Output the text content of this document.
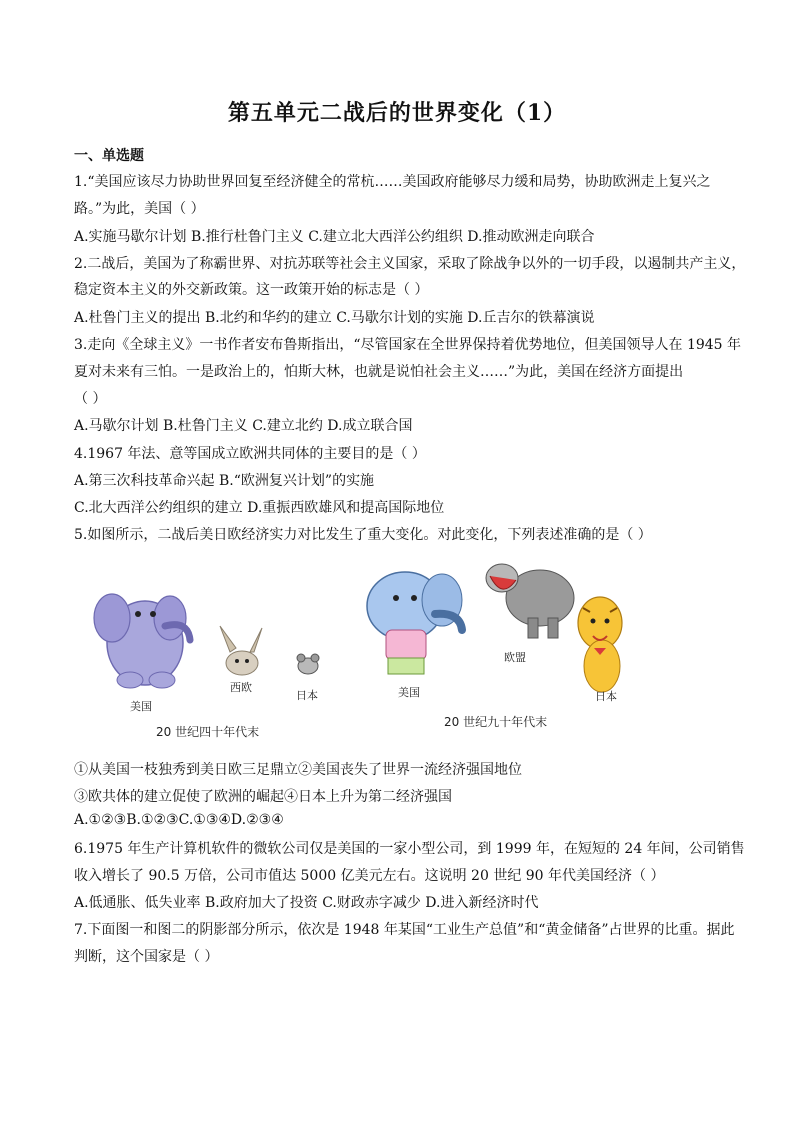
第五单元二战后的世界变化（1）
一、单选题
1.“美国应该尽力协助世界回复至经济健全的常杭……美国政府能够尽力缓和局势，协助欧洲走上复兴之
路。”为此，美国（ ）
A.实施马歇尔计划 B.推行杜鲁门主义 C.建立北大西洋公约组织 D.推动欧洲走向联合
2.二战后，美国为了称霸世界、对抗苏联等社会主义国家，采取了除战争以外的一切手段，以遏制共产主义，
稳定资本主义的外交新政策。这一政策开始的标志是（ ）
A.杜鲁门主义的提出 B.北约和华约的建立 C.马歇尔计划的实施 D.丘吉尔的铁幕演说
3.走向《全球主义》一书作者安布鲁斯指出，“尽管国家在全世界保持着优势地位，但美国领导人在 1945 年
夏对未来有三怕。一是政治上的，怕斯大林，也就是说怕社会主义……”为此，美国在经济方面提出
（ ）
A.马歇尔计划 B.杜鲁门主义 C.建立北约 D.成立联合国
4.1967 年法、意等国成立欧洲共同体的主要目的是（ ）
A.第三次科技革命兴起 B.“欧洲复兴计划”的实施
C.北大西洋公约组织的建立 D.重振西欧雄风和提高国际地位
5.如图所示，二战后美日欧经济实力对比发生了重大变化。对此变化，下列表述准确的是（ ）
美国
西欧
日本
20 世纪四十年代末
美国
欧盟
日本
20 世纪九十年代末
①从美国一枝独秀到美日欧三足鼎立②美国丧失了世界一流经济强国地位
③欧共体的建立促使了欧洲的崛起④日本上升为第二经济强国
A.①②③B.①②③C.①③④D.②③④
6.1975 年生产计算机软件的微软公司仅是美国的一家小型公司，到 1999 年，在短短的 24 年间，公司销售
收入增长了 90.5 万倍，公司市值达 5000 亿美元左右。这说明 20 世纪 90 年代美国经济（ ）
A.低通胀、低失业率 B.政府加大了投资 C.财政赤字减少 D.进入新经济时代
7.下面图一和图二的阴影部分所示，依次是 1948 年某国“工业生产总值”和“黄金储备”占世界的比重。据此
判断，这个国家是（ ）
